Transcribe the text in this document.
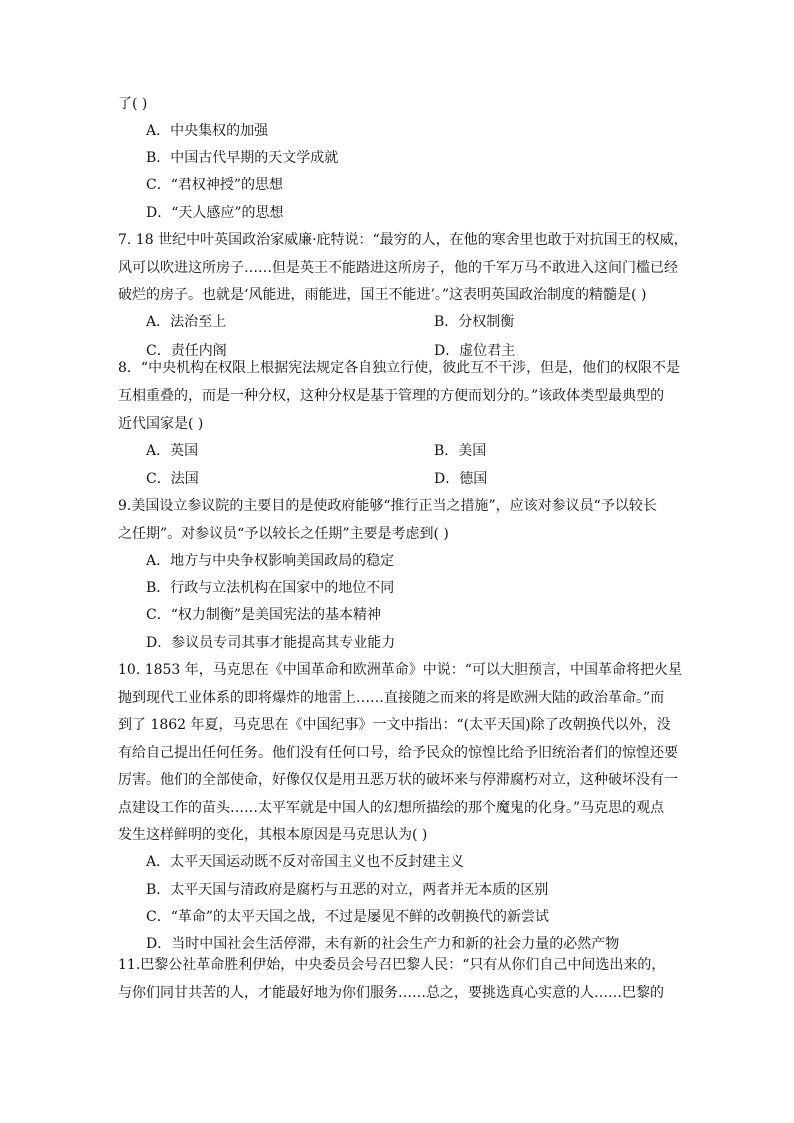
了( )
A．中央集权的加强
B．中国古代早期的天文学成就
C．“君权神授”的思想
D．“天人感应”的思想
7. 18 世纪中叶英国政治家威廉·庇特说：“最穷的人，在他的寒舍里也敢于对抗国王的权威，
风可以吹进这所房子……但是英王不能踏进这所房子，他的千军万马不敢进入这间门槛已经
破烂的房子。也就是‘风能进，雨能进，国王不能进’。”这表明英国政治制度的精髓是( )
A．法治至上	B．分权制衡
C．责任内阁	D．虚位君主
8．“中央机构在权限上根据宪法规定各自独立行使，彼此互不干涉，但是，他们的权限不是
互相重叠的，而是一种分权，这种分权是基于管理的方便而划分的。”该政体类型最典型的
近代国家是( )
A．英国	B．美国
C．法国	D．德国
9.美国设立参议院的主要目的是使政府能够“推行正当之措施”，应该对参议员“予以较长
之任期”。对参议员“予以较长之任期”主要是考虑到( )
A．地方与中央争权影响美国政局的稳定
B．行政与立法机构在国家中的地位不同
C．“权力制衡”是美国宪法的基本精神
D．参议员专司其事才能提高其专业能力
10. 1853 年，马克思在《中国革命和欧洲革命》中说：“可以大胆预言，中国革命将把火星
抛到现代工业体系的即将爆炸的地雷上……直接随之而来的将是欧洲大陆的政治革命。”而
到了 1862 年夏，马克思在《中国纪事》一文中指出：“(太平天国)除了改朝换代以外，没
有给自己提出任何任务。他们没有任何口号，给予民众的惊惶比给予旧统治者们的惊惶还要
厉害。他们的全部使命，好像仅仅是用丑恶万状的破坏来与停滞腐朽对立，这种破坏没有一
点建设工作的苗头……太平军就是中国人的幻想所描绘的那个魔鬼的化身。”马克思的观点
发生这样鲜明的变化，其根本原因是马克思认为( )
A．太平天国运动既不反对帝国主义也不反封建主义
B．太平天国与清政府是腐朽与丑恶的对立，两者并无本质的区别
C．“革命”的太平天国之战，不过是屡见不鲜的改朝换代的新尝试
D．当时中国社会生活停滞，未有新的社会生产力和新的社会力量的必然产物
11.巴黎公社革命胜利伊始，中央委员会号召巴黎人民：“只有从你们自己中间选出来的，
与你们同甘共苦的人，才能最好地为你们服务……总之，要挑选真心实意的人……巴黎的
